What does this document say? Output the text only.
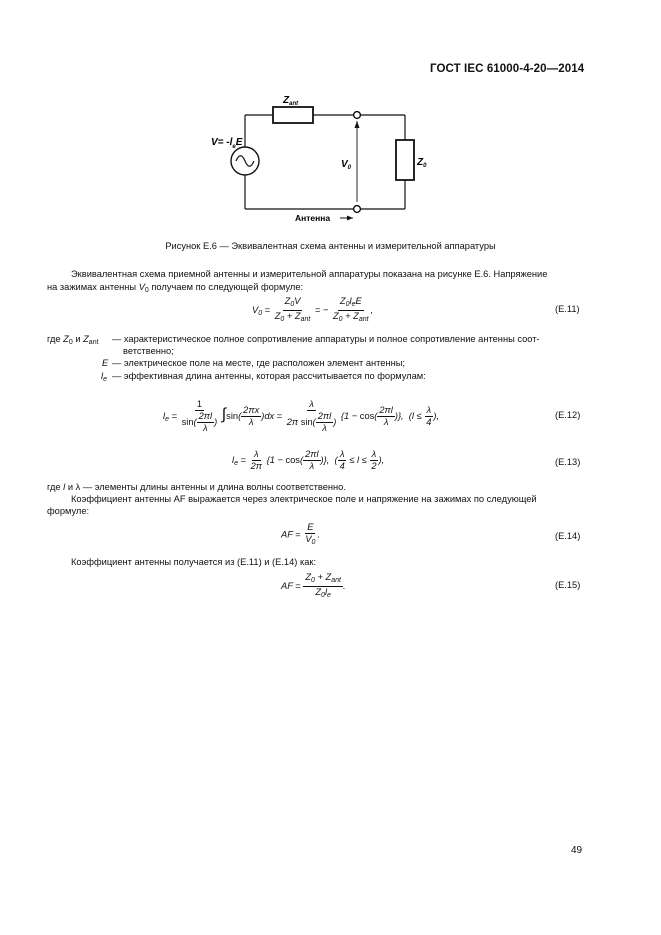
ГОСТ IEC 61000-4-20—2014
$Z_{ant}$
$V= -l_eE$
$V_0$	$Z_0$
Антенна
Рисунок Е.6 — Эквивалентная схема антенны и измерительной аппаратуры
Эквивалентная схема приемной антенны и измерительной аппаратуры показана на рисунке Е.6. Напряжение
на зажимах антенны $V_0$ получаем по следующей формуле:
$V_0 = \frac{Z_0V}{Z_0 + Z_{ant}}$ = − $\frac{Z_0l_eE}{Z_0 + Z_{ant}}$ ,	(Е.11)
где $Z_0$ и $Z_{ant}$ — характеристическое полное сопротивление аппаратуры и полное сопротивление антенны соот-
ветственно;
E — электрическое поле на месте, где расположен элемент антенны;
$l_e$ — эффективная длина антенны, которая рассчитывается по формулам:
$l_e = \frac{1}{\sin( \frac{2\pi l}{\lambda} )} \int\sin( \frac{2\pi x}{\lambda} )dx = \frac{\lambda}{2\pi \sin( \frac{2\pi l}{\lambda} )} \{1 - \cos( \frac{2\pi l}{\lambda}$ )},  ($l \le \frac{\lambda}{4}$ ),	(Е.12)
$l_e = \frac{\lambda}{2\pi} \{1 - \cos( \frac{2\pi l}{\lambda}$ )},  ( $\frac{\lambda}{4} \le l \le \frac{\lambda}{2}$ ),	(Е.13)
где l и λ — элементы длины антенны и длина волны соответственно.
Коэффициент антенны AF выражается через электрическое поле и напряжение на зажимах по следующей
формуле:
AF = $\frac{E}{V_0}$ .	(Е.14)
Коэффициент антенны получается из (Е.11) и (Е.14) как:
AF = $\frac{Z_0 + Z_{ant}}{Z_0l_e}$ .	(Е.15)
49
